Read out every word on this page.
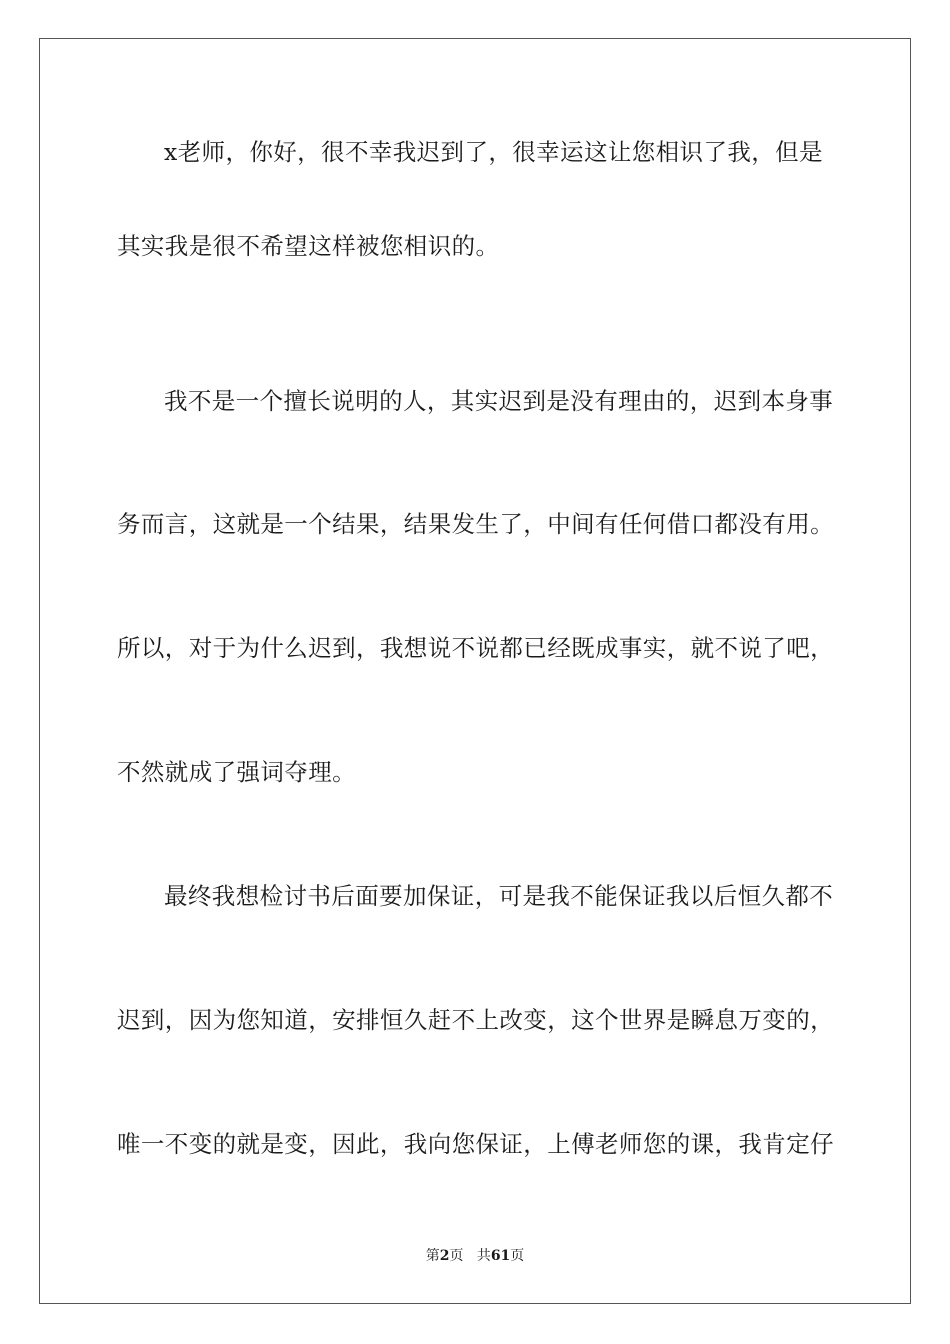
x老师，你好，很不幸我迟到了，很幸运这让您相识了我，但是
其实我是很不希望这样被您相识的。
我不是一个擅长说明的人，其实迟到是没有理由的，迟到本身事
务而言，这就是一个结果，结果发生了，中间有任何借口都没有用。
所以，对于为什么迟到，我想说不说都已经既成事实，就不说了吧，
不然就成了强词夺理。
最终我想检讨书后面要加保证，可是我不能保证我以后恒久都不
迟到，因为您知道，安排恒久赶不上改变，这个世界是瞬息万变的，
唯一不变的就是变，因此，我向您保证，上傅老师您的课，我肯定仔
第2页 共61页
